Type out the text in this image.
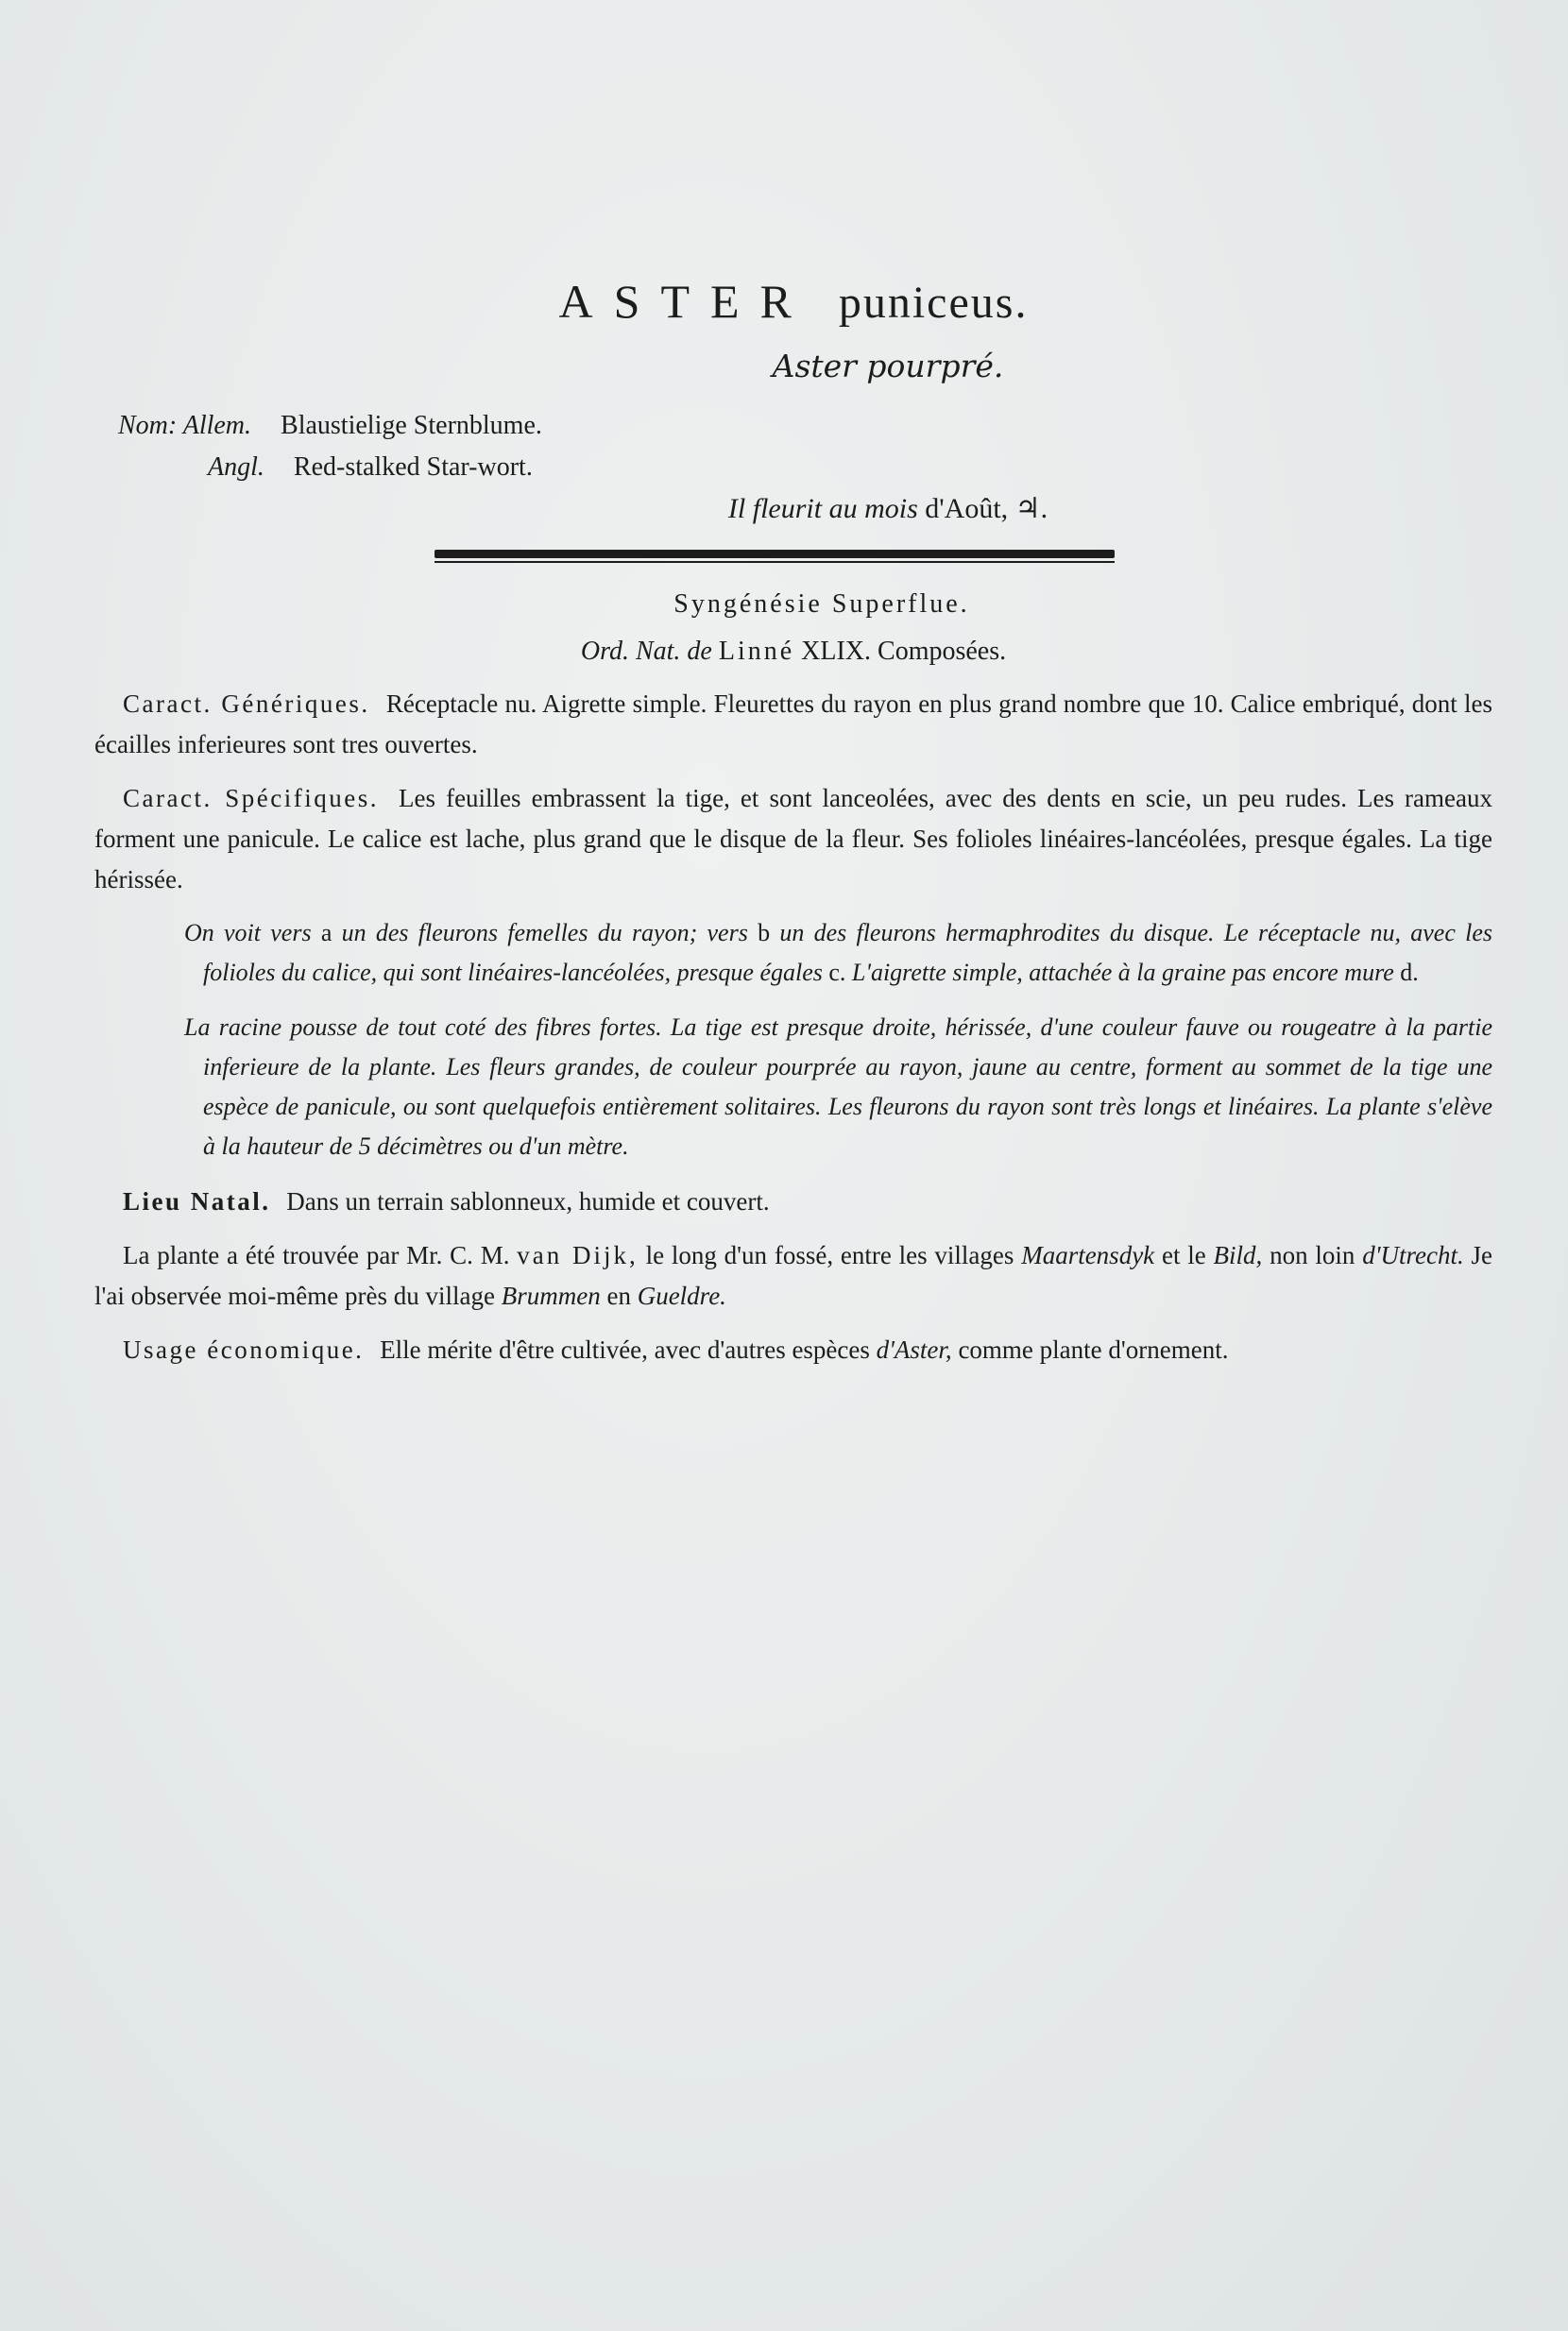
ASTER puniceus.
Aster pourpré.
Nom: Allem. Blaustielige Sternblume.
Angl. Red-stalked Star-wort.
Il fleurit au mois d'Août, ♃.
Syngénésie Superflue.
Ord. Nat. de Linné XLIX. Composées.

Caract. Génériques. Réceptacle nu. Aigrette simple. Fleurettes du rayon en plus grand nombre que 10. Calice embriqué, dont les écailles inferieures sont tres ouvertes.

Caract. Spécifiques. Les feuilles embrassent la tige, et sont lanceolées, avec des dents en scie, un peu rudes. Les rameaux forment une panicule. Le calice est lache, plus grand que le disque de la fleur. Ses folioles linéaires-lancéolées, presque égales. La tige hérissée.

On voit vers a un des fleurons femelles du rayon; vers b un des fleurons hermaphrodites du disque. Le réceptacle nu, avec les folioles du calice, qui sont linéaires-lancéolées, presque égales c. L'aigrette simple, attachée à la graine pas encore mure d.

La racine pousse de tout coté des fibres fortes. La tige est presque droite, hérissée, d'une couleur fauve ou rougeatre à la partie inferieure de la plante. Les fleurs grandes, de couleur pourprée au rayon, jaune au centre, forment au sommet de la tige une espèce de panicule, ou sont quelquefois entièrement solitaires. Les fleurons du rayon sont très longs et linéaires. La plante s'elève à la hauteur de 5 décimètres ou d'un mètre.

Lieu Natal. Dans un terrain sablonneux, humide et couvert.

La plante a été trouvée par Mr. C. M. van Dijk, le long d'un fossé, entre les villages Maartensdyk et le Bild, non loin d'Utrecht. Je l'ai observée moi-même près du village Brummen en Gueldre.

Usage économique. Elle mérite d'être cultivée, avec d'autres espèces d'Aster, comme plante d'ornement.
